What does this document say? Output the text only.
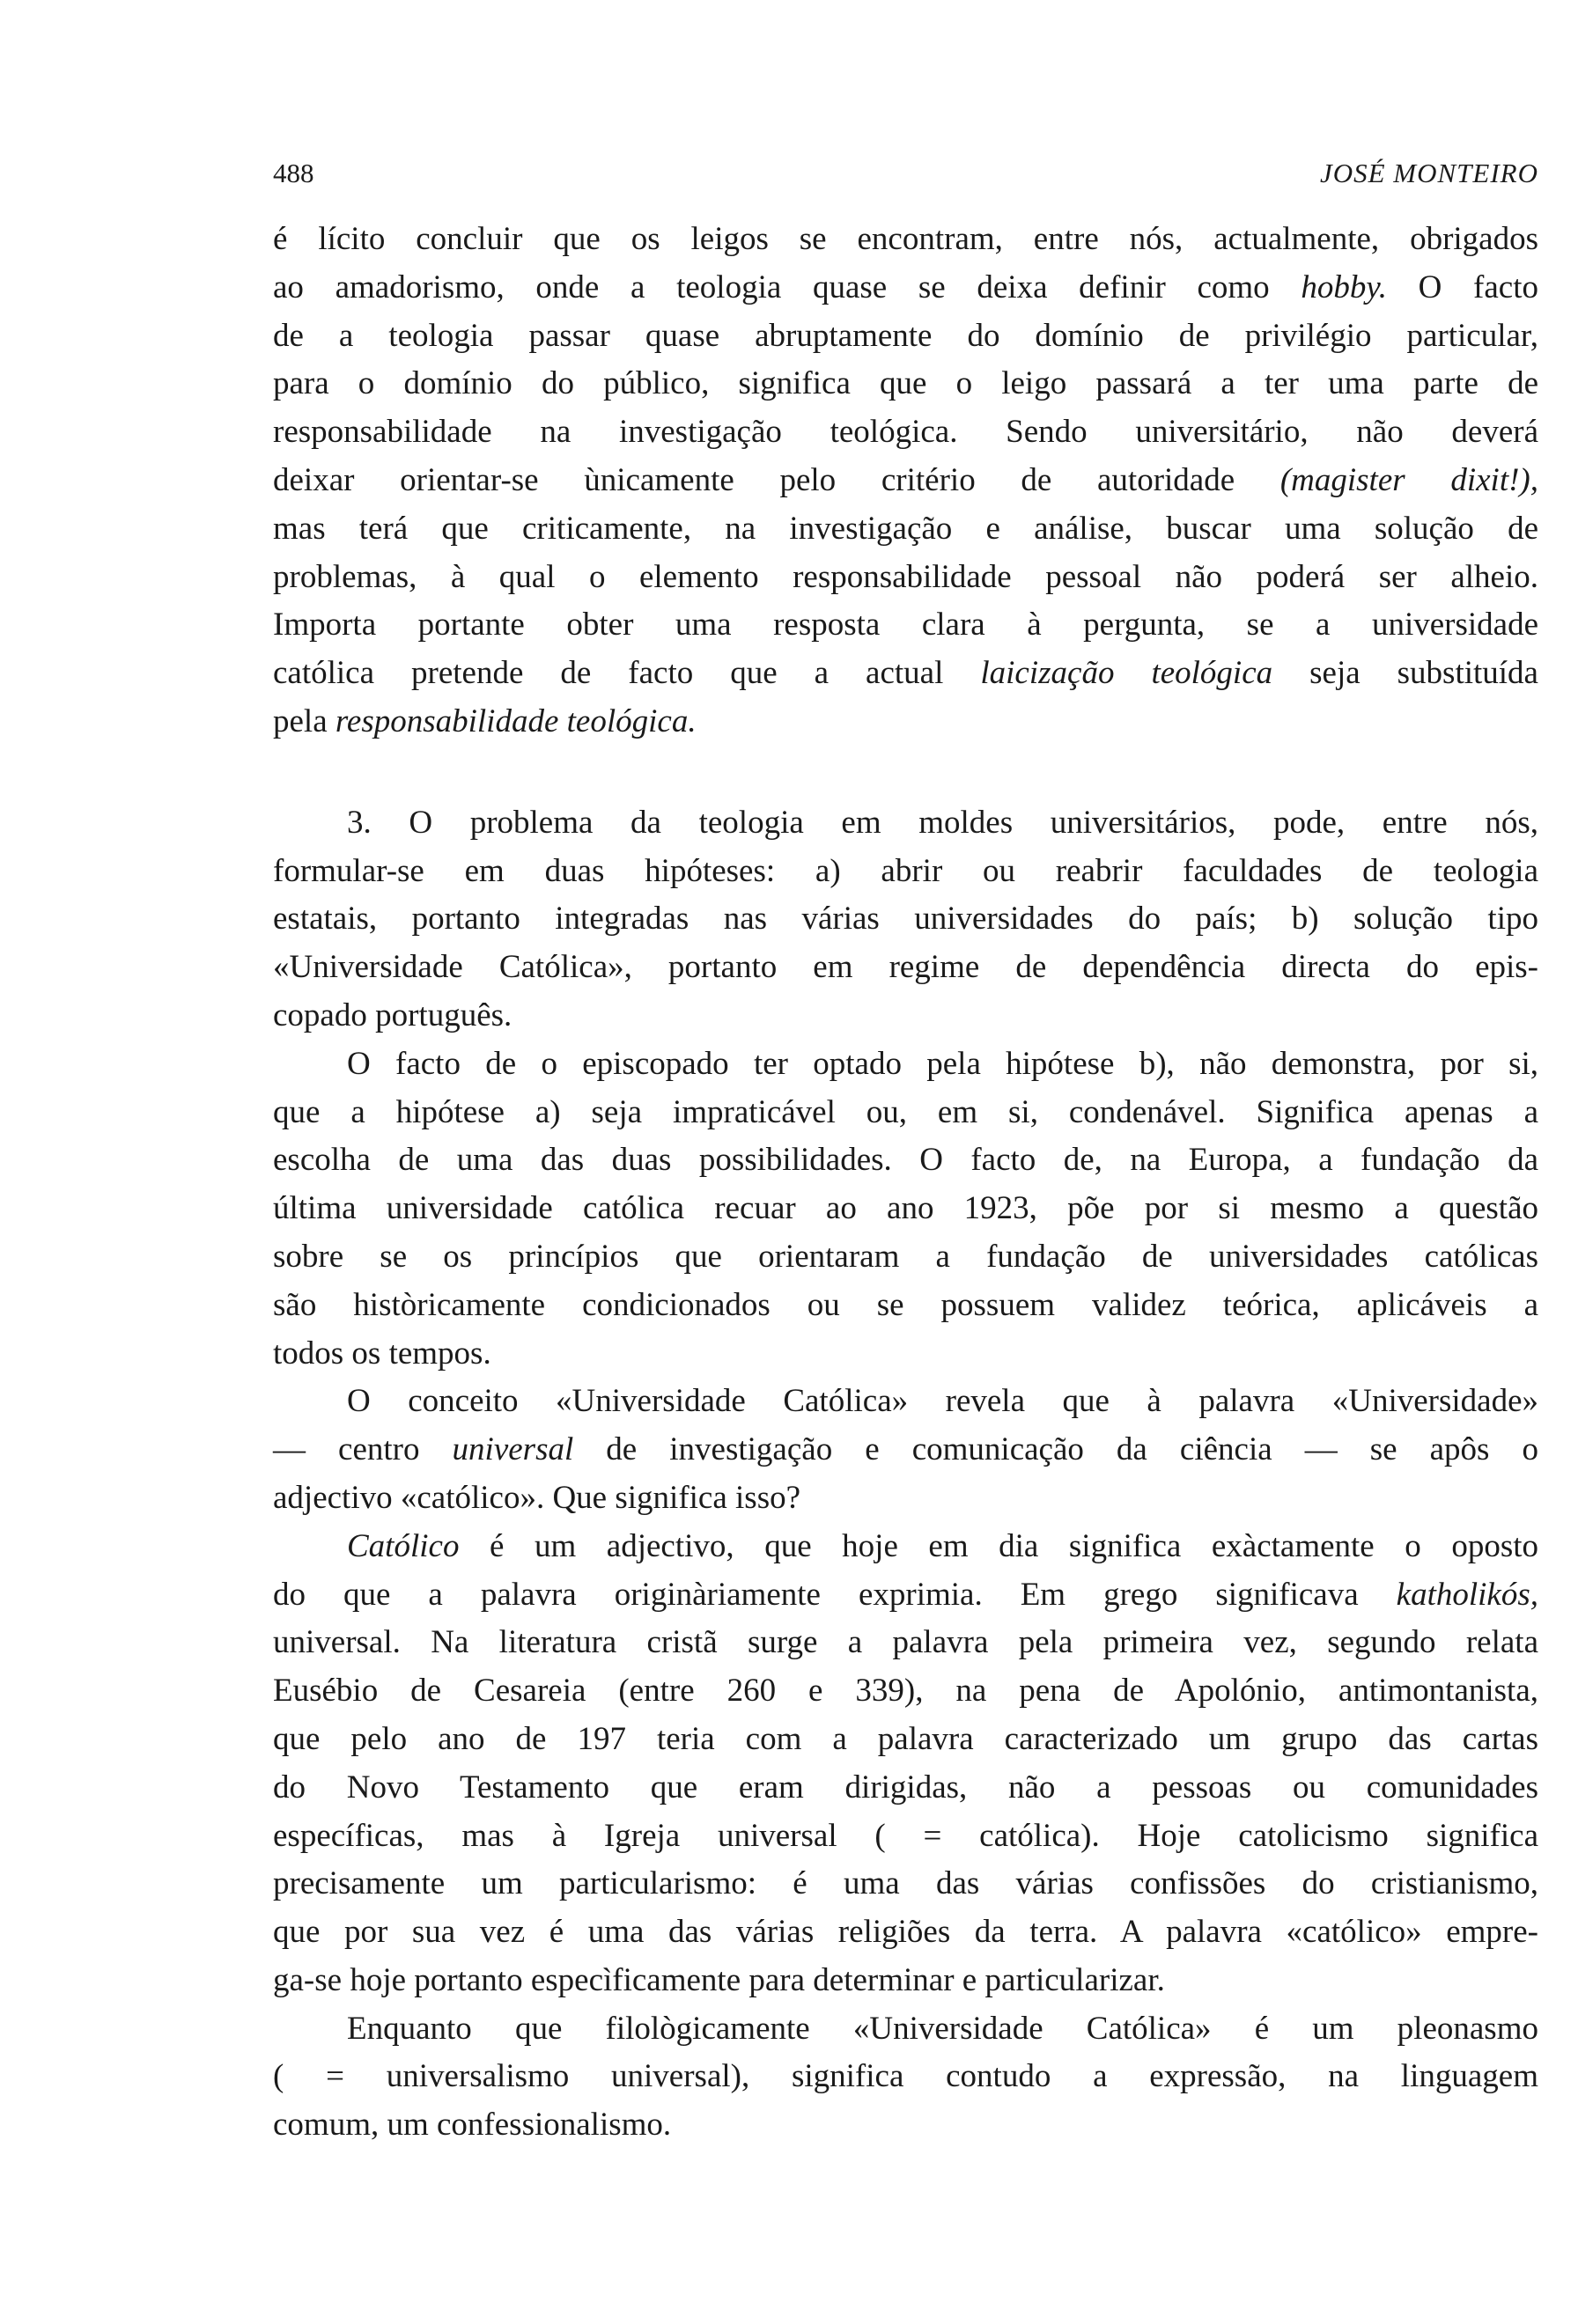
488	JOSÉ MONTEIRO
é lícito concluir que os leigos se encontram, entre nós, actualmente, obrigados
ao amadorismo, onde a teologia quase se deixa definir como hobby. O facto
de a teologia passar quase abruptamente do domínio de privilégio particular,
para o domínio do público, significa que o leigo passará a ter uma parte de
responsabilidade na investigação teológica. Sendo universitário, não deverá
deixar orientar-se ùnicamente pelo critério de autoridade (magister dixit!),
mas terá que criticamente, na investigação e análise, buscar uma solução de
problemas, à qual o elemento responsabilidade pessoal não poderá ser alheio.
Importa portante obter uma resposta clara à pergunta, se a universidade
católica pretende de facto que a actual laicização teológica seja substituída
pela responsabilidade teológica.
3. O problema da teologia em moldes universitários, pode, entre nós,
formular-se em duas hipóteses: a) abrir ou reabrir faculdades de teologia
estatais, portanto integradas nas várias universidades do país; b) solução tipo
«Universidade Católica», portanto em regime de dependência directa do epis-
copado português.
O facto de o episcopado ter optado pela hipótese b), não demonstra, por si,
que a hipótese a) seja impraticável ou, em si, condenável. Significa apenas a
escolha de uma das duas possibilidades. O facto de, na Europa, a fundação da
última universidade católica recuar ao ano 1923, põe por si mesmo a questão
sobre se os princípios que orientaram a fundação de universidades católicas
são històricamente condicionados ou se possuem validez teórica, aplicáveis a
todos os tempos.
O conceito «Universidade Católica» revela que à palavra «Universidade»
— centro universal de investigação e comunicação da ciência — se apôs o
adjectivo «católico». Que significa isso?
Católico é um adjectivo, que hoje em dia significa exàctamente o oposto
do que a palavra originàriamente exprimia. Em grego significava katholikós,
universal. Na literatura cristã surge a palavra pela primeira vez, segundo relata
Eusébio de Cesareia (entre 260 e 339), na pena de Apolónio, antimontanista,
que pelo ano de 197 teria com a palavra caracterizado um grupo das cartas
do Novo Testamento que eram dirigidas, não a pessoas ou comunidades
específicas, mas à Igreja universal ( = católica). Hoje catolicismo significa
precisamente um particularismo: é uma das várias confissões do cristianismo,
que por sua vez é uma das várias religiões da terra. A palavra «católico» empre-
ga-se hoje portanto especìficamente para determinar e particularizar.
Enquanto que filològicamente «Universidade Católica» é um pleonasmo
( = universalismo universal), significa contudo a expressão, na linguagem
comum, um confessionalismo.
